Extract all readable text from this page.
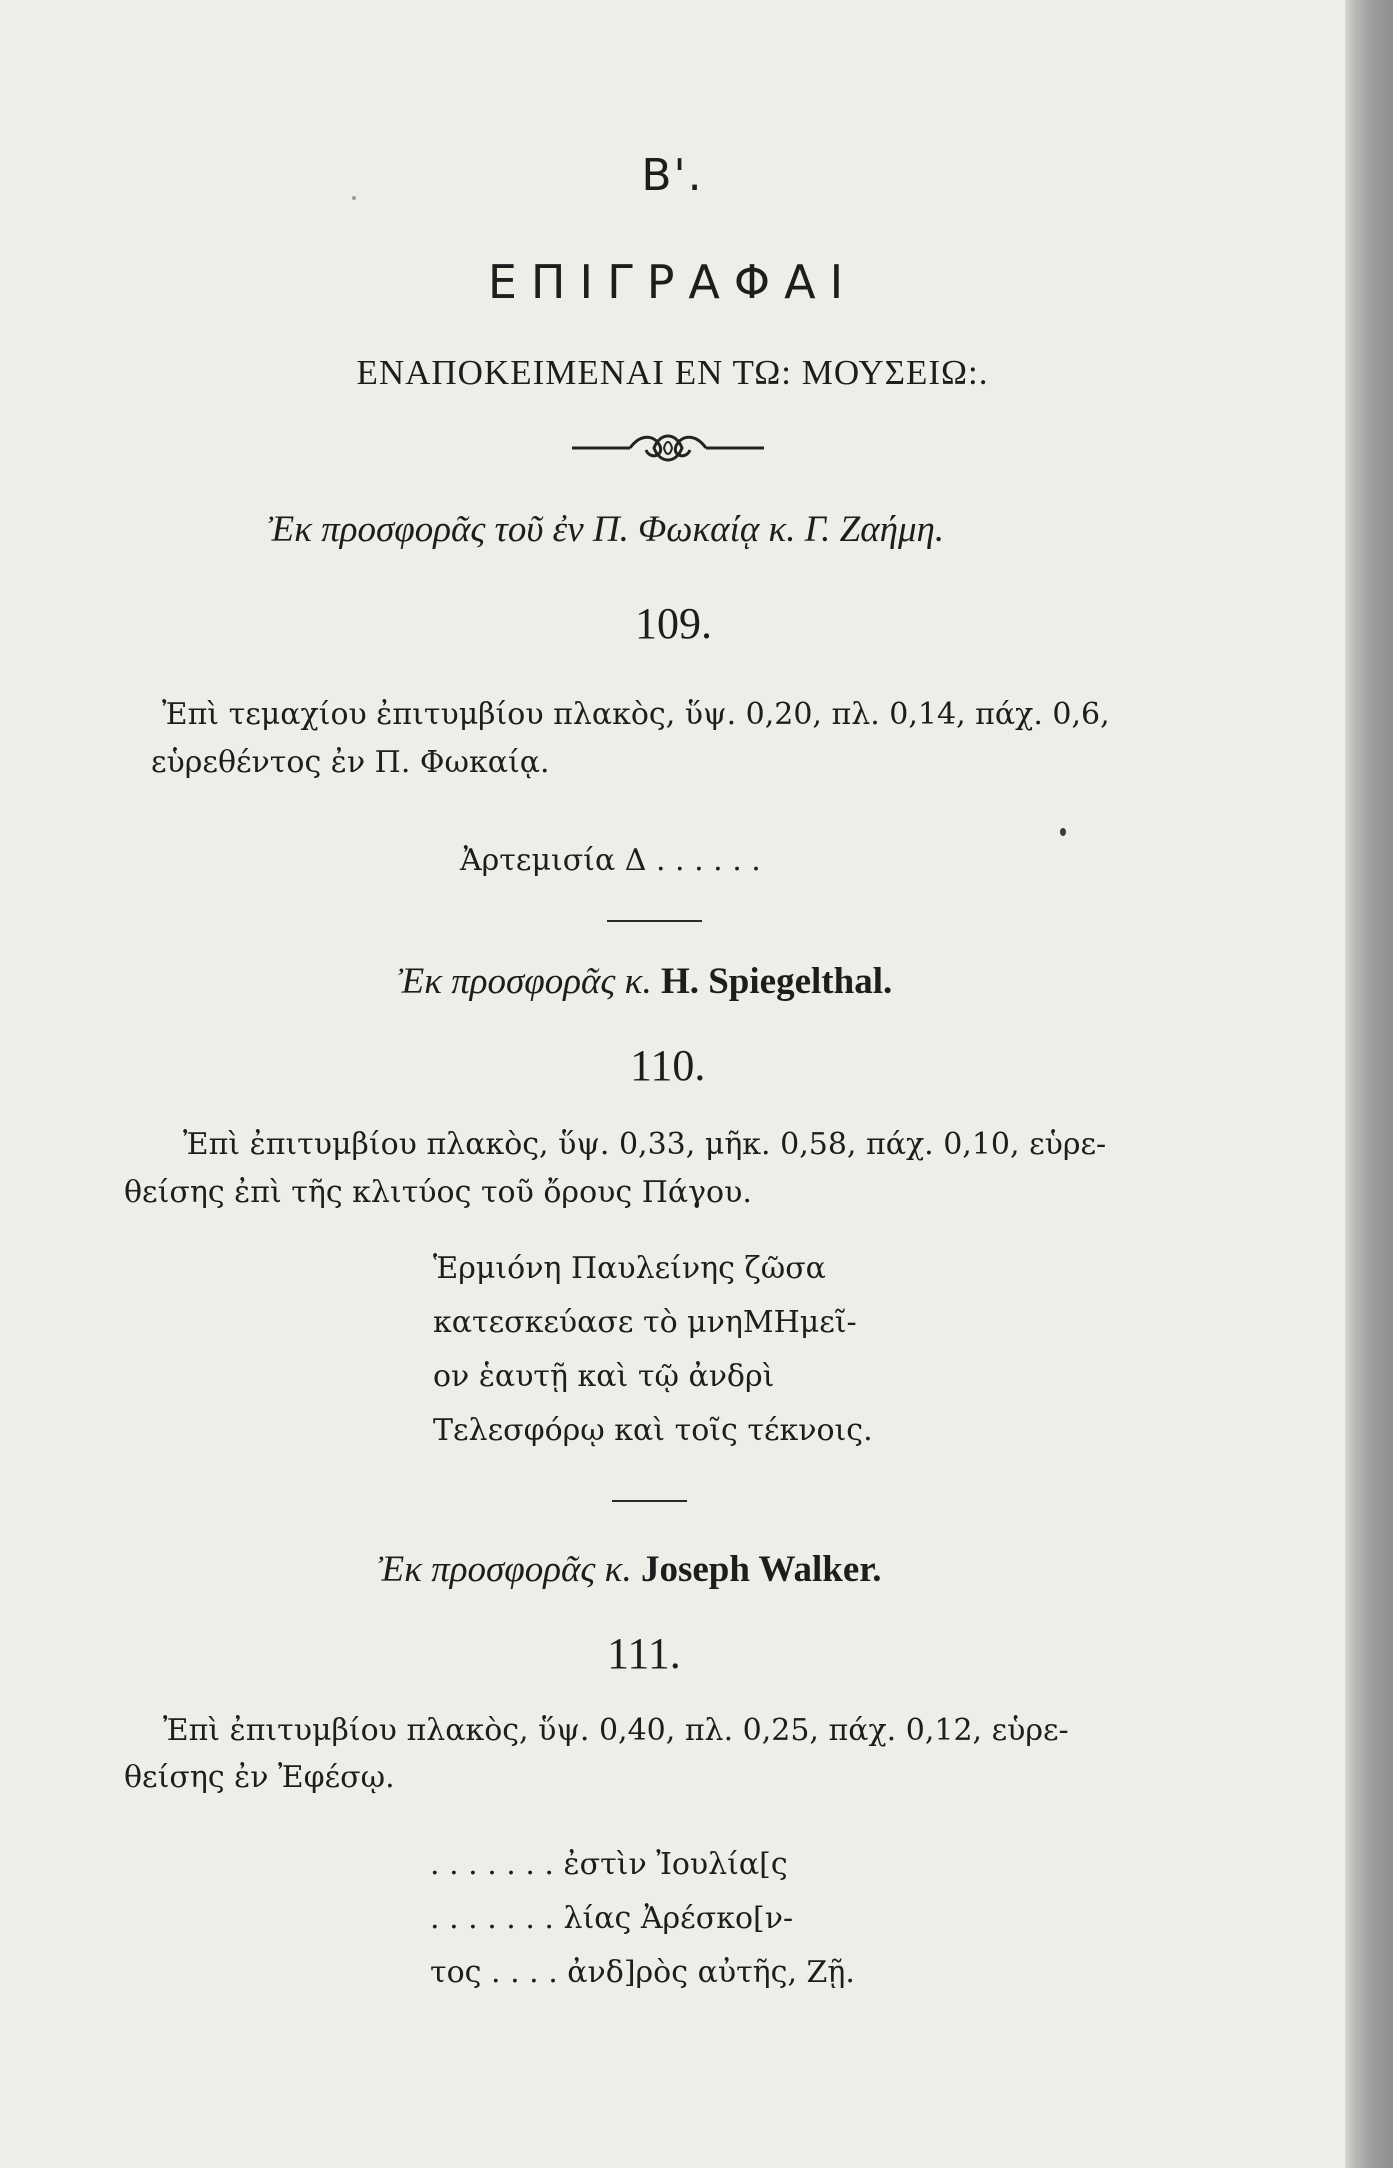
Β'.
ΕΠΙΓΡΑΦΑΙ
ΕΝΑΠΟΚΕΙΜΕΝΑΙ ΕΝ ΤΩ: ΜΟΥΣΕΙΩ:.
Ἐκ προσφορᾶς τοῦ ἐν Π. Φωκαίᾳ κ. Γ. Ζαήμη.
109.
Ἐπὶ τεμαχίου ἐπιτυμβίου πλακὸς, ὕψ. 0,20, πλ. 0,14, πάχ. 0,6,
εὑρεθέντος ἐν Π. Φωκαίᾳ.
Ἀρτεμισία Δ . . . . . .
Ἐκ προσφορᾶς κ. H. Spiegelthal.
110.
Ἐπὶ ἐπιτυμβίου πλακὸς, ὕψ. 0,33, μῆκ. 0,58, πάχ. 0,10, εὑρε-
θείσης ἐπὶ τῆς κλιτύος τοῦ ὄρους Πάγου.
Ἑρμιόνη Παυλείνης ζῶσα
κατεσκεύασε τὸ μνηΜΗμεῖ-
ον ἑαυτῇ καὶ τῷ ἀνδρὶ
Τελεσφόρῳ καὶ τοῖς τέκνοις.
Ἐκ προσφορᾶς κ. Joseph Walker.
111.
Ἐπὶ ἐπιτυμβίου πλακὸς, ὕψ. 0,40, πλ. 0,25, πάχ. 0,12, εὑρε-
θείσης ἐν Ἐφέσῳ.
. . . . . . . ἐστὶν Ἰουλία[ς
. . . . . . . λίας Ἀρέσκο[ν-
τος . . . . ἀνδ]ρὸς αὐτῆς, Ζῇ.
